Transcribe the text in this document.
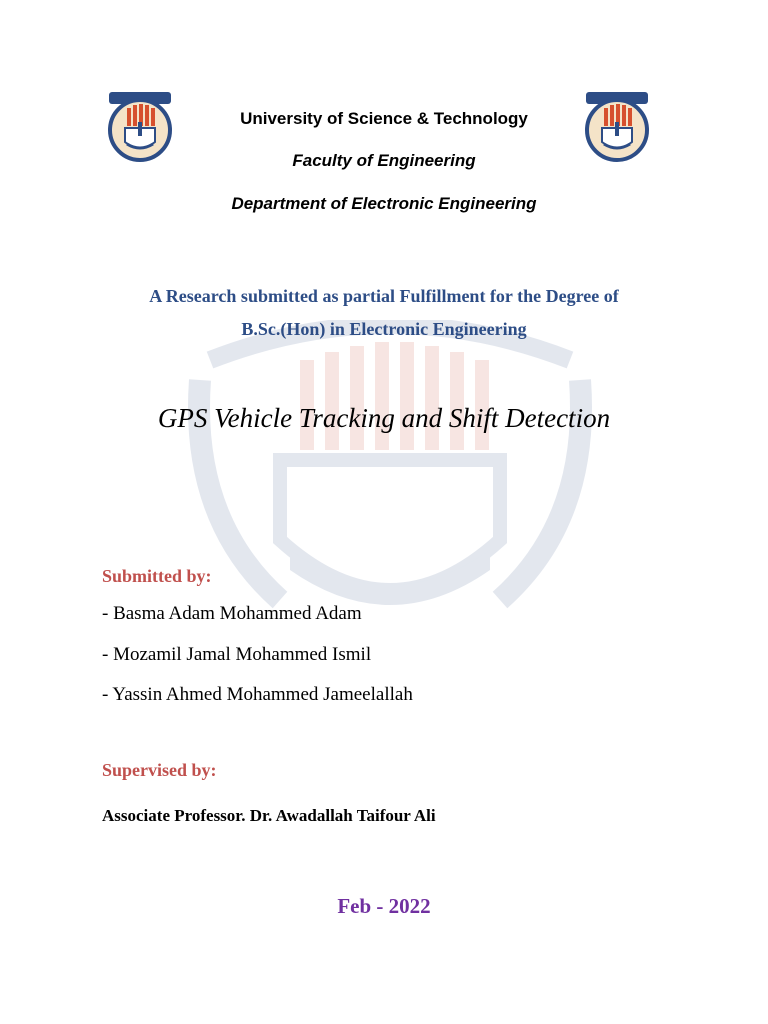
University of Science & Technology
Faculty of Engineering
Department of Electronic Engineering
A Research submitted as partial Fulfillment for the Degree of
B.Sc.(Hon) in Electronic Engineering
GPS Vehicle Tracking and Shift Detection
Submitted by:
- Basma Adam Mohammed Adam
- Mozamil Jamal Mohammed Ismil
- Yassin Ahmed Mohammed Jameelallah
Supervised by:
Associate Professor. Dr. Awadallah Taifour Ali
Feb - 2022
